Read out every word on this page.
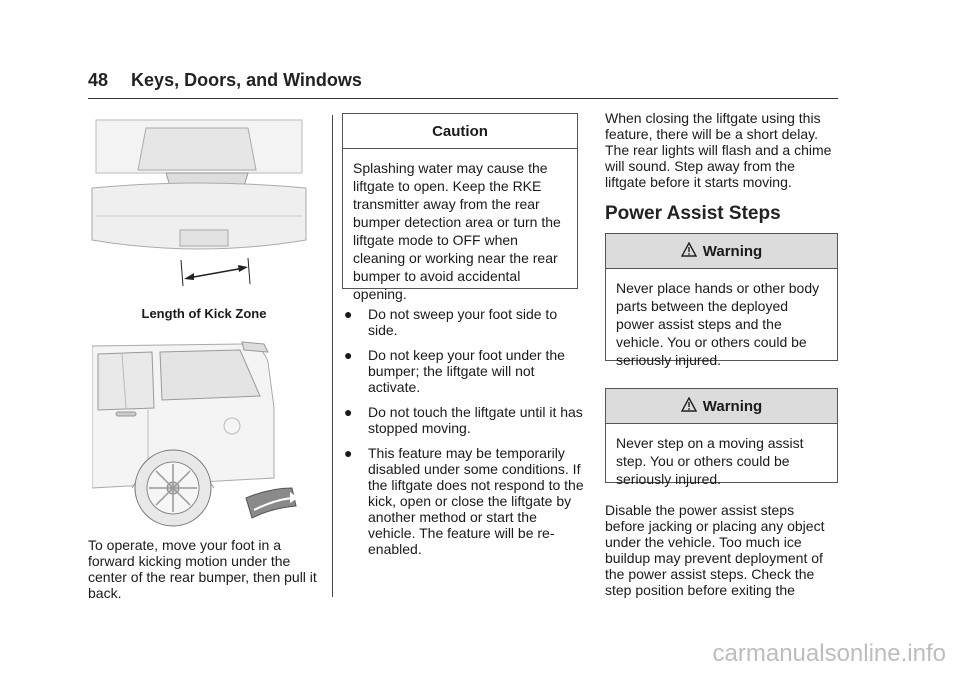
48 Keys, Doors, and Windows
Length of Kick Zone

To operate, move your foot in a forward kicking motion under the center of the rear bumper, then pull it back.

Caution
Splashing water may cause the liftgate to open. Keep the RKE transmitter away from the rear bumper detection area or turn the liftgate mode to OFF when cleaning or working near the rear bumper to avoid accidental opening.
●	Do not sweep your foot side to side.
●	Do not keep your foot under the bumper; the liftgate will not activate.
●	Do not touch the liftgate until it has stopped moving.
●	This feature may be temporarily disabled under some conditions. If the liftgate does not respond to the kick, open or close the liftgate by another method or start the vehicle. The feature will be re-enabled.

When closing the liftgate using this feature, there will be a short delay. The rear lights will flash and a chime will sound. Step away from the liftgate before it starts moving.

Power Assist Steps
Warning
Never place hands or other body parts between the deployed power assist steps and the vehicle. You or others could be seriously injured.
Warning
Never step on a moving assist step. You or others could be seriously injured.

Disable the power assist steps before jacking or placing any object under the vehicle. Too much ice buildup may prevent deployment of the power assist steps. Check the step position before exiting the

carmanualsonline.info
